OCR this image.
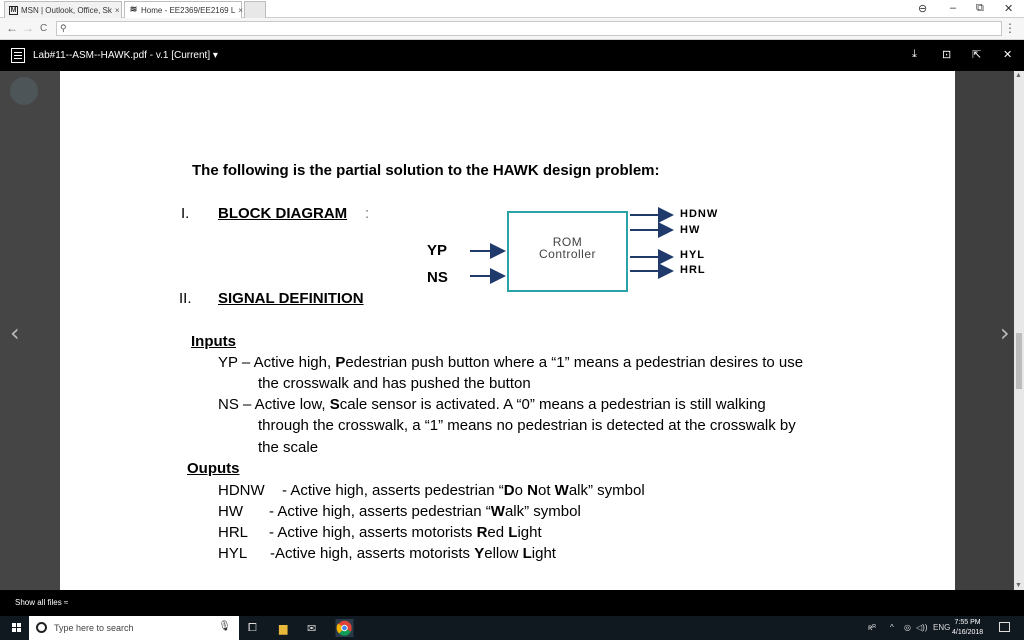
M MSN | Outlook, Office, Sk × ≋ Home - EE2369/EE2169 L ×	⊖ – ⧉ ✕
← → C ⚲	⋮
Lab#11--ASM--HAWK.pdf - v.1 [Current] ▾	⤓ ⊡ ⇱ ✕
‹	›
The following is the partial solution to the HAWK design problem:
I. BLOCK DIAGRAM :
ROM
Controller
YP
NS
HDNW
HW
HYL
HRL
II. SIGNAL DEFINITION
Inputs
YP – Active high, Pedestrian push button where a “1” means a pedestrian desires to use
the crosswalk and has pushed the button
NS – Active low, Scale sensor is activated. A “0” means a pedestrian is still walking
through the crosswalk, a “1” means no pedestrian is detected at the crosswalk by
the scale
Ouputs
HDNW - Active high, asserts pedestrian “Do Not Walk” symbol
HW - Active high, asserts pedestrian “Walk” symbol
HRL - Active high, asserts motorists Red Light
HYL -Active high, asserts motorists Yellow Light
▲
▼
Show all files ≈
Type here to search	🎙 ⧠ ▆ ✉	ʀᴿ ^ ◎ ◁)) ENG
7:55 PM
4/16/2018
